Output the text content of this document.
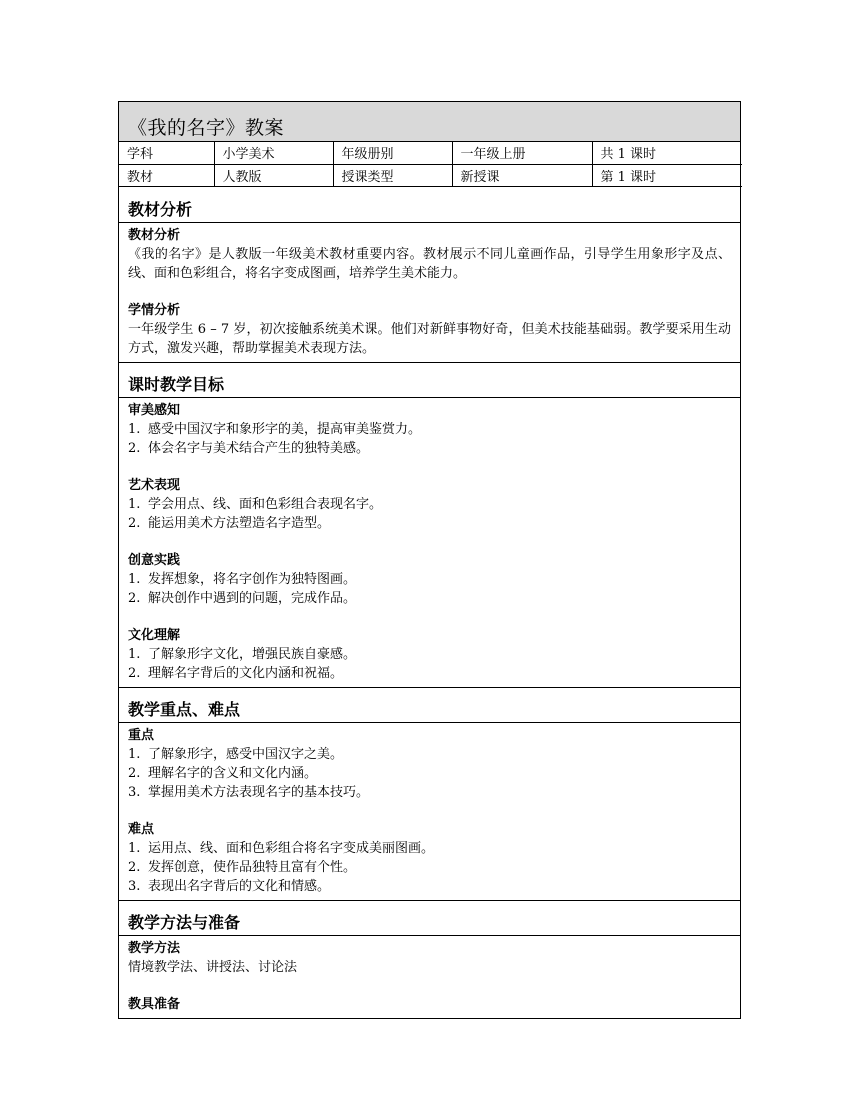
《我的名字》教案
学科	小学美术	年级册别	一年级上册	共 1 课时
教材	人教版	授课类型	新授课	第 1 课时
教材分析
教材分析
《我的名字》是人教版一年级美术教材重要内容。教材展示不同儿童画作品，引导学生用象形字及点、线、面和色彩组合，将名字变成图画，培养学生美术能力。
学情分析
一年级学生 6 – 7 岁，初次接触系统美术课。他们对新鲜事物好奇，但美术技能基础弱。教学要采用生动方式，激发兴趣，帮助掌握美术表现方法。
课时教学目标
审美感知
1. 感受中国汉字和象形字的美，提高审美鉴赏力。
2. 体会名字与美术结合产生的独特美感。
艺术表现
1. 学会用点、线、面和色彩组合表现名字。
2. 能运用美术方法塑造名字造型。
创意实践
1. 发挥想象，将名字创作为独特图画。
2. 解决创作中遇到的问题，完成作品。
文化理解
1. 了解象形字文化，增强民族自豪感。
2. 理解名字背后的文化内涵和祝福。
教学重点、难点
重点
1. 了解象形字，感受中国汉字之美。
2. 理解名字的含义和文化内涵。
3. 掌握用美术方法表现名字的基本技巧。
难点
1. 运用点、线、面和色彩组合将名字变成美丽图画。
2. 发挥创意，使作品独特且富有个性。
3. 表现出名字背后的文化和情感。
教学方法与准备
教学方法
情境教学法、讲授法、讨论法
教具准备
